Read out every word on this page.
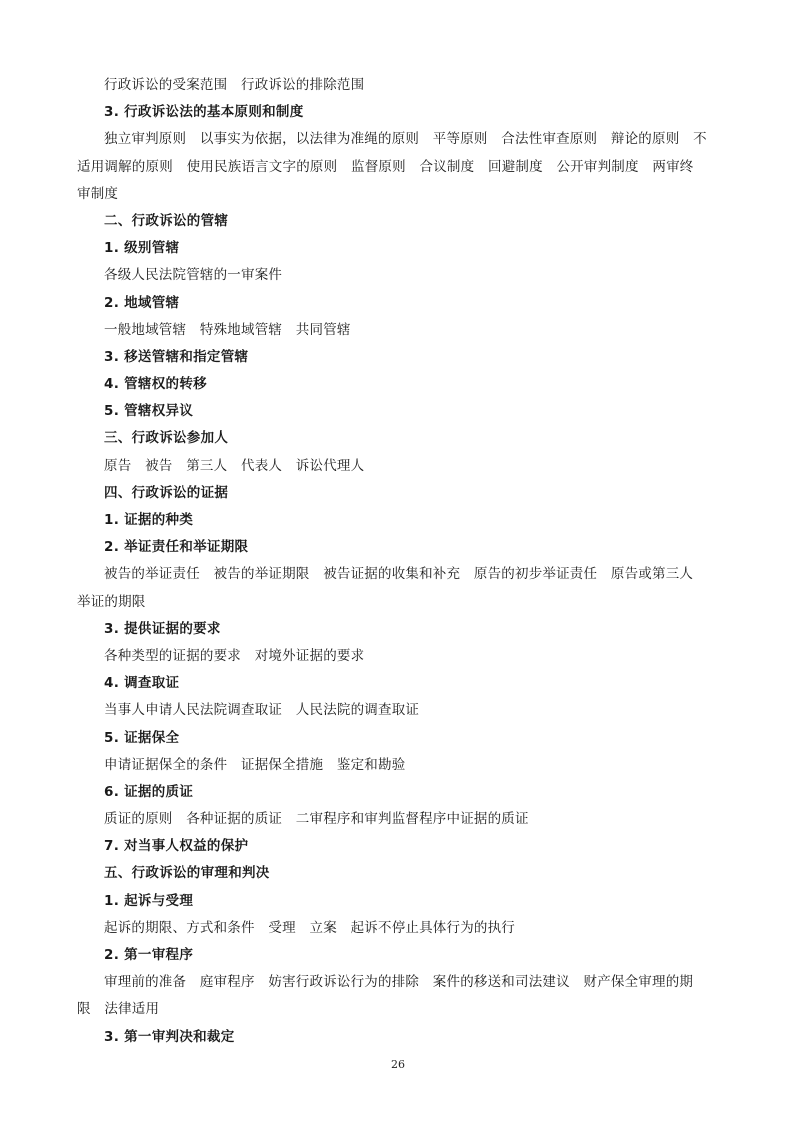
行政诉讼的受案范围　行政诉讼的排除范围
3. 行政诉讼法的基本原则和制度
独立审判原则　以事实为依据，以法律为准绳的原则　平等原则　合法性审查原则　辩论的原则　不
适用调解的原则　使用民族语言文字的原则　监督原则　合议制度　回避制度　公开审判制度　两审终
审制度
二、行政诉讼的管辖
1. 级别管辖
各级人民法院管辖的一审案件
2. 地域管辖
一般地域管辖　特殊地域管辖　共同管辖
3. 移送管辖和指定管辖
4. 管辖权的转移
5. 管辖权异议
三、行政诉讼参加人
原告　被告　第三人　代表人　诉讼代理人
四、行政诉讼的证据
1. 证据的种类
2. 举证责任和举证期限
被告的举证责任　被告的举证期限　被告证据的收集和补充　原告的初步举证责任　原告或第三人
举证的期限
3. 提供证据的要求
各种类型的证据的要求　对境外证据的要求
4. 调查取证
当事人申请人民法院调查取证　人民法院的调查取证
5. 证据保全
申请证据保全的条件　证据保全措施　鉴定和勘验
6. 证据的质证
质证的原则　各种证据的质证　二审程序和审判监督程序中证据的质证
7. 对当事人权益的保护
五、行政诉讼的审理和判决
1. 起诉与受理
起诉的期限、方式和条件　受理　立案　起诉不停止具体行为的执行
2. 第一审程序
审理前的准备　庭审程序　妨害行政诉讼行为的排除　案件的移送和司法建议　财产保全审理的期
限　法律适用
3. 第一审判决和裁定
26
